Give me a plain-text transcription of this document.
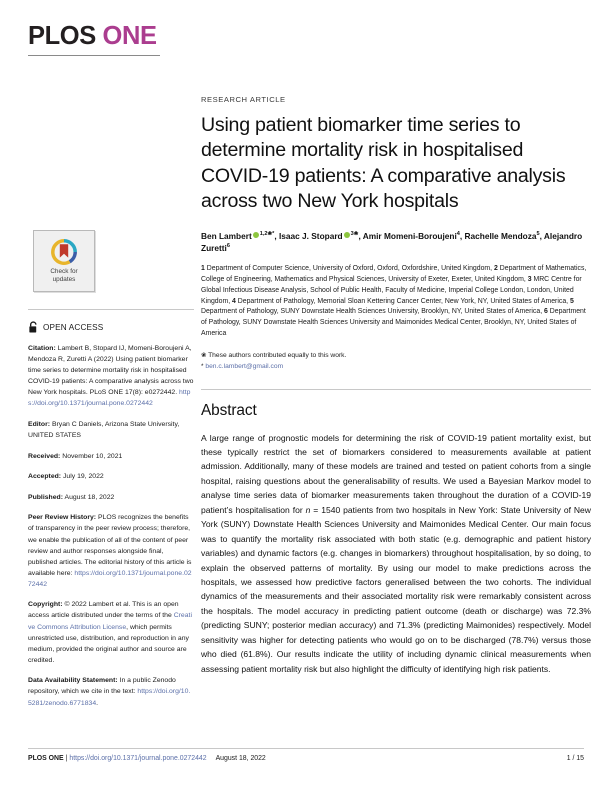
PLOS ONE
Check for
updates
OPEN ACCESS
Citation: Lambert B, Stopard IJ, Momeni-Boroujeni A, Mendoza R, Zuretti A (2022) Using patient biomarker time series to determine mortality risk in hospitalised COVID-19 patients: A comparative analysis across two New York hospitals. PLoS ONE 17(8): e0272442. https://doi.org/10.1371/journal.pone.0272442
Editor: Bryan C Daniels, Arizona State University, UNITED STATES
Received: November 10, 2021
Accepted: July 19, 2022
Published: August 18, 2022
Peer Review History: PLOS recognizes the benefits of transparency in the peer review process; therefore, we enable the publication of all of the content of peer review and author responses alongside final, published articles. The editorial history of this article is available here: https://doi.org/10.1371/journal.pone.0272442
Copyright: © 2022 Lambert et al. This is an open access article distributed under the terms of the Creative Commons Attribution License, which permits unrestricted use, distribution, and reproduction in any medium, provided the original author and source are credited.
Data Availability Statement: In a public Zenodo repository, which we cite in the text: https://doi.org/10.5281/zenodo.6771834.
RESEARCH ARTICLE
Using patient biomarker time series to determine mortality risk in hospitalised COVID-19 patients: A comparative analysis across two New York hospitals
Ben Lambert $^{1,2❀*}$, Isaac J. Stopard $^{3❀}$, Amir Momeni-Boroujeni$^4$, Rachelle Mendoza$^5$, Alejandro Zuretti$^6$
1 Department of Computer Science, University of Oxford, Oxford, Oxfordshire, United Kingdom, 2 Department of Mathematics, College of Engineering, Mathematics and Physical Sciences, University of Exeter, Exeter, United Kingdom, 3 MRC Centre for Global Infectious Disease Analysis, School of Public Health, Faculty of Medicine, Imperial College London, London, United Kingdom, 4 Department of Pathology, Memorial Sloan Kettering Cancer Center, New York, NY, United States of America, 5 Department of Pathology, SUNY Downstate Health Sciences University, Brooklyn, NY, United States of America, 6 Department of Pathology, SUNY Downstate Health Sciences University and Maimonides Medical Center, Brooklyn, NY, United States of America
❀ These authors contributed equally to this work.
* ben.c.lambert@gmail.com
Abstract

A large range of prognostic models for determining the risk of COVID-19 patient mortality exist, but these typically restrict the set of biomarkers considered to measurements available at patient admission. Additionally, many of these models are trained and tested on patient cohorts from a single hospital, raising questions about the generalisability of results. We used a Bayesian Markov model to analyse time series data of biomarker measurements taken throughout the duration of a COVID-19 patient’s hospitalisation for n = 1540 patients from two hospitals in New York: State University of New York (SUNY) Downstate Health Sciences University and Maimonides Medical Center. Our main focus was to quantify the mortality risk associated with both static (e.g. demographic and patient history variables) and dynamic factors (e.g. changes in biomarkers) throughout hospitalisation, by so doing, to explain the observed patterns of mortality. By using our model to make predictions across the hospitals, we assessed how predictive factors generalised between the two cohorts. The individual dynamics of the measurements and their associated mortality risk were remarkably consistent across the hospitals. The model accuracy in predicting patient outcome (death or discharge) was 72.3% (predicting SUNY; posterior median accuracy) and 71.3% (predicting Maimonides) respectively. Model sensitivity was higher for detecting patients who would go on to be discharged (78.7%) versus those who died (61.8%). Our results indicate the utility of including dynamic clinical measurements when assessing patient mortality risk but also highlight the difficulty of identifying high risk patients.

PLOS ONE | https://doi.org/10.1371/journal.pone.0272442 August 18, 2022	1 / 15
